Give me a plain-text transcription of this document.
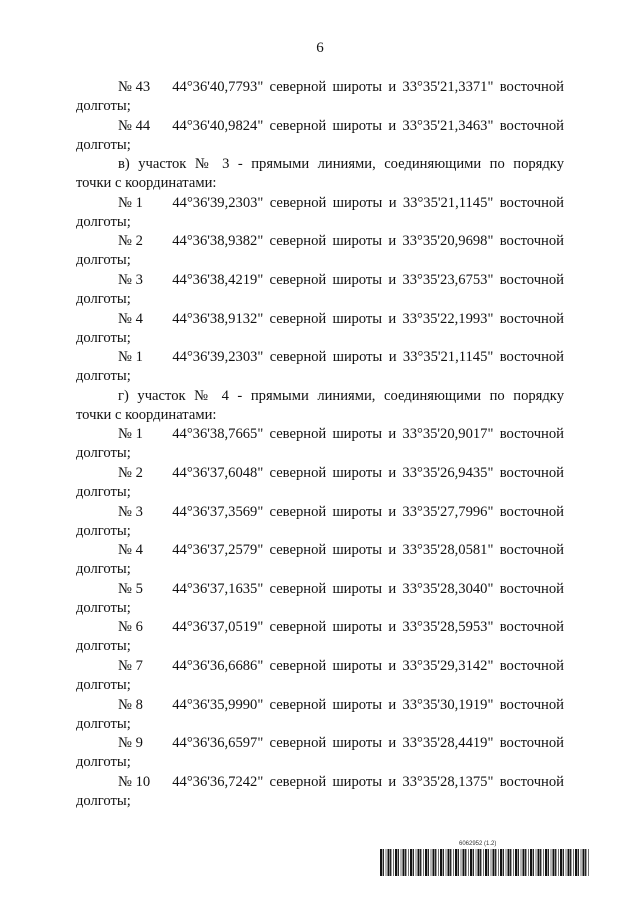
6
№ 43	44°36'40,7793" северной широты и 33°35'21,3371" восточной
долготы;
№ 44	44°36'40,9824" северной широты и 33°35'21,3463" восточной
долготы;
в) участок № 3 - прямыми линиями, соединяющими по порядку
точки с координатами:
№ 1	44°36'39,2303" северной широты и 33°35'21,1145" восточной
долготы;
№ 2	44°36'38,9382" северной широты и 33°35'20,9698" восточной
долготы;
№ 3	44°36'38,4219" северной широты и 33°35'23,6753" восточной
долготы;
№ 4	44°36'38,9132" северной широты и 33°35'22,1993" восточной
долготы;
№ 1	44°36'39,2303" северной широты и 33°35'21,1145" восточной
долготы;
г) участок № 4 - прямыми линиями, соединяющими по порядку
точки с координатами:
№ 1	44°36'38,7665" северной широты и 33°35'20,9017" восточной
долготы;
№ 2	44°36'37,6048" северной широты и 33°35'26,9435" восточной
долготы;
№ 3	44°36'37,3569" северной широты и 33°35'27,7996" восточной
долготы;
№ 4	44°36'37,2579" северной широты и 33°35'28,0581" восточной
долготы;
№ 5	44°36'37,1635" северной широты и 33°35'28,3040" восточной
долготы;
№ 6	44°36'37,0519" северной широты и 33°35'28,5953" восточной
долготы;
№ 7	44°36'36,6686" северной широты и 33°35'29,3142" восточной
долготы;
№ 8	44°36'35,9990" северной широты и 33°35'30,1919" восточной
долготы;
№ 9	44°36'36,6597" северной широты и 33°35'28,4419" восточной
долготы;
№ 10	44°36'36,7242" северной широты и 33°35'28,1375" восточной
долготы;
6062952 (1.2)
